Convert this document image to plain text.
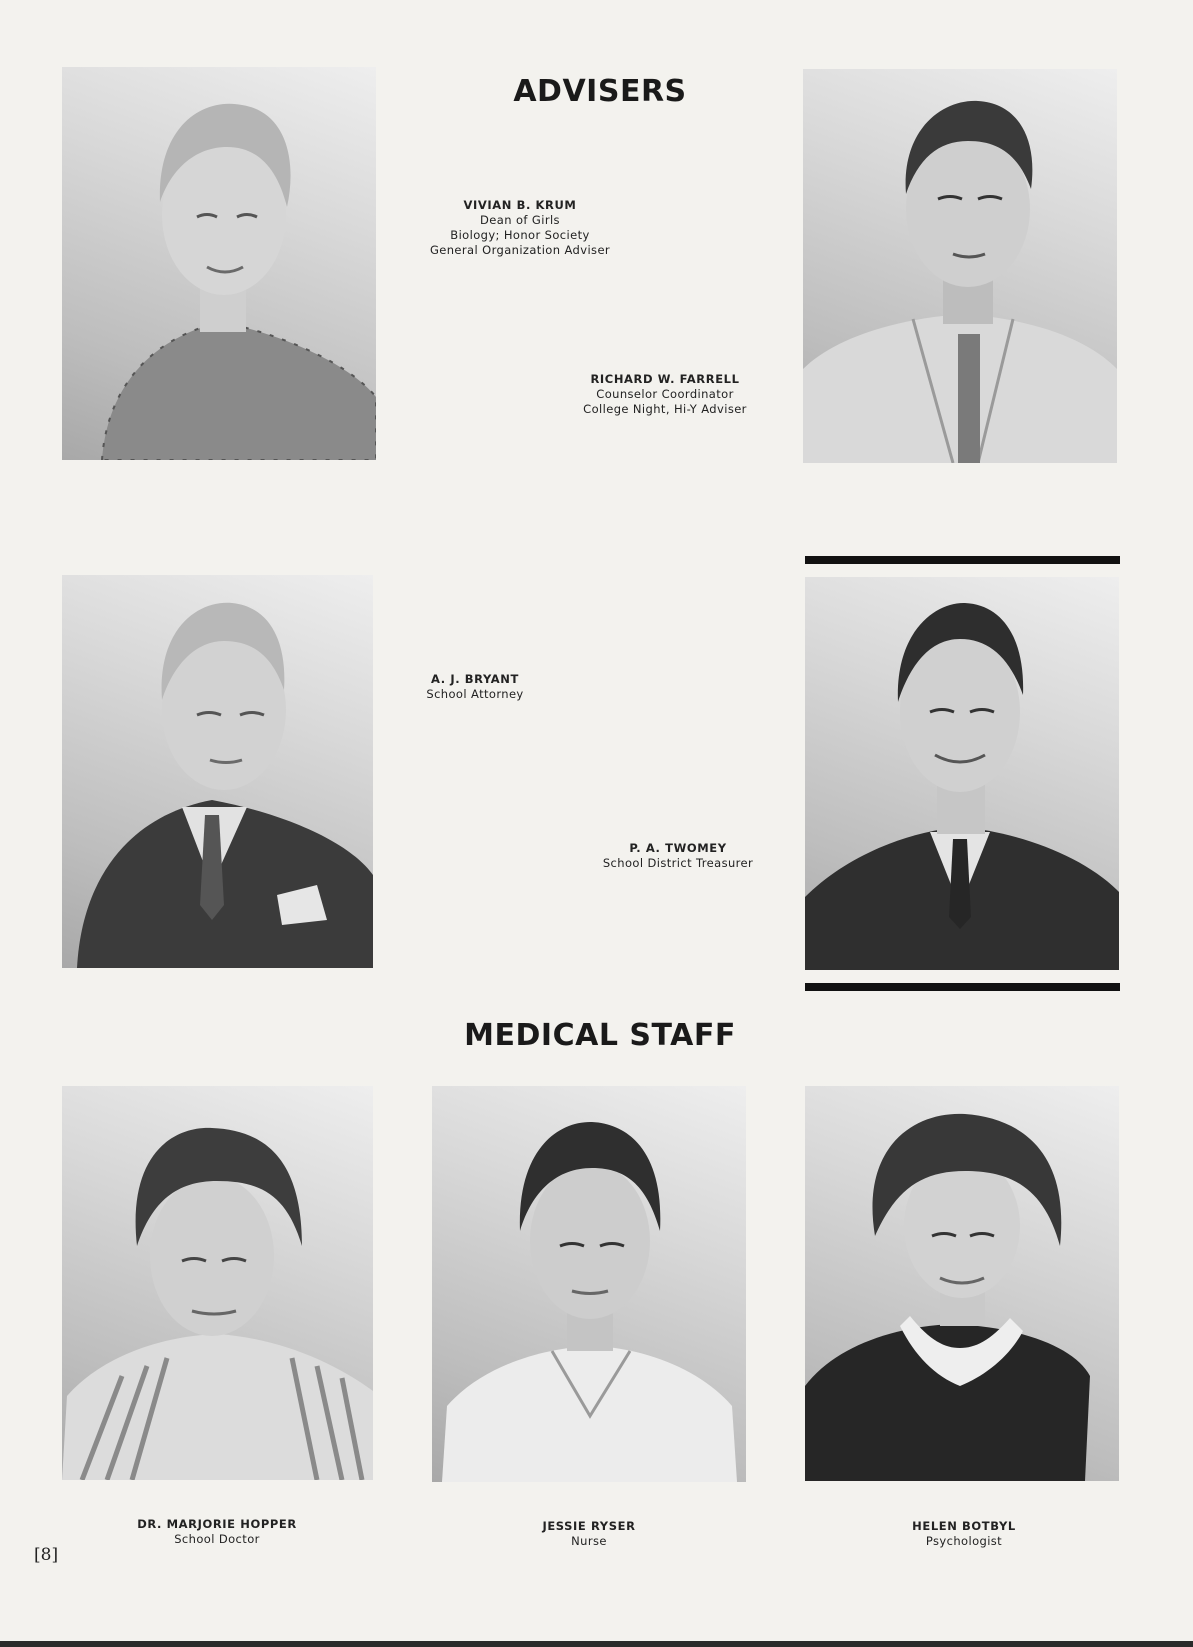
ADVISERS
VIVIAN B. KRUM
Dean of Girls
Biology; Honor Society
General Organization Adviser
RICHARD W. FARRELL
Counselor Coordinator
College Night, Hi-Y Adviser
A. J. BRYANT
School Attorney
P. A. TWOMEY
School District Treasurer
MEDICAL STAFF
DR. MARJORIE HOPPER
School Doctor
JESSIE RYSER
Nurse
HELEN BOTBYL
Psychologist
[8]
